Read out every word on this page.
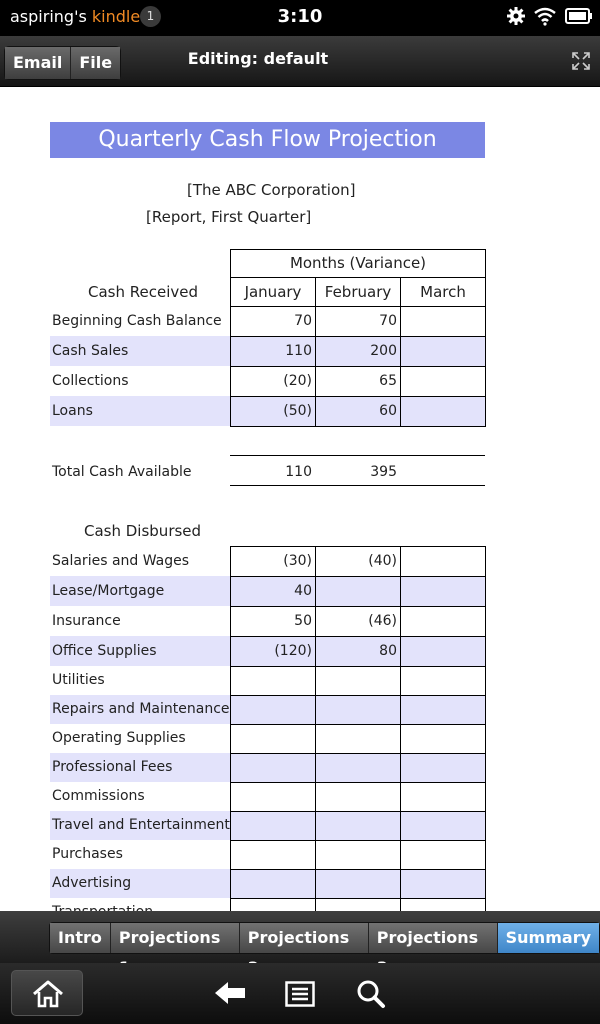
aspiring's kindle 1	3:10
Email	File	Editing: default
Quarterly Cash Flow Projection
[The ABC Corporation]
[Report, First Quarter]
Months (Variance)
January	February	March
Cash Received
Beginning Cash Balance	70	70
Cash Sales	110	200
Collections	(20)	65
Loans	(50)	60
Total Cash Available	110	395
Cash Disbursed
Salaries and Wages	(30)	(40)
Lease/Mortgage	40
Insurance	50	(46)
Office Supplies	(120)	80
Utilities
Repairs and Maintenance
Operating Supplies
Professional Fees
Commissions
Travel and Entertainment
Purchases
Advertising
Intro	Projections	Projections	Projections	Summary
